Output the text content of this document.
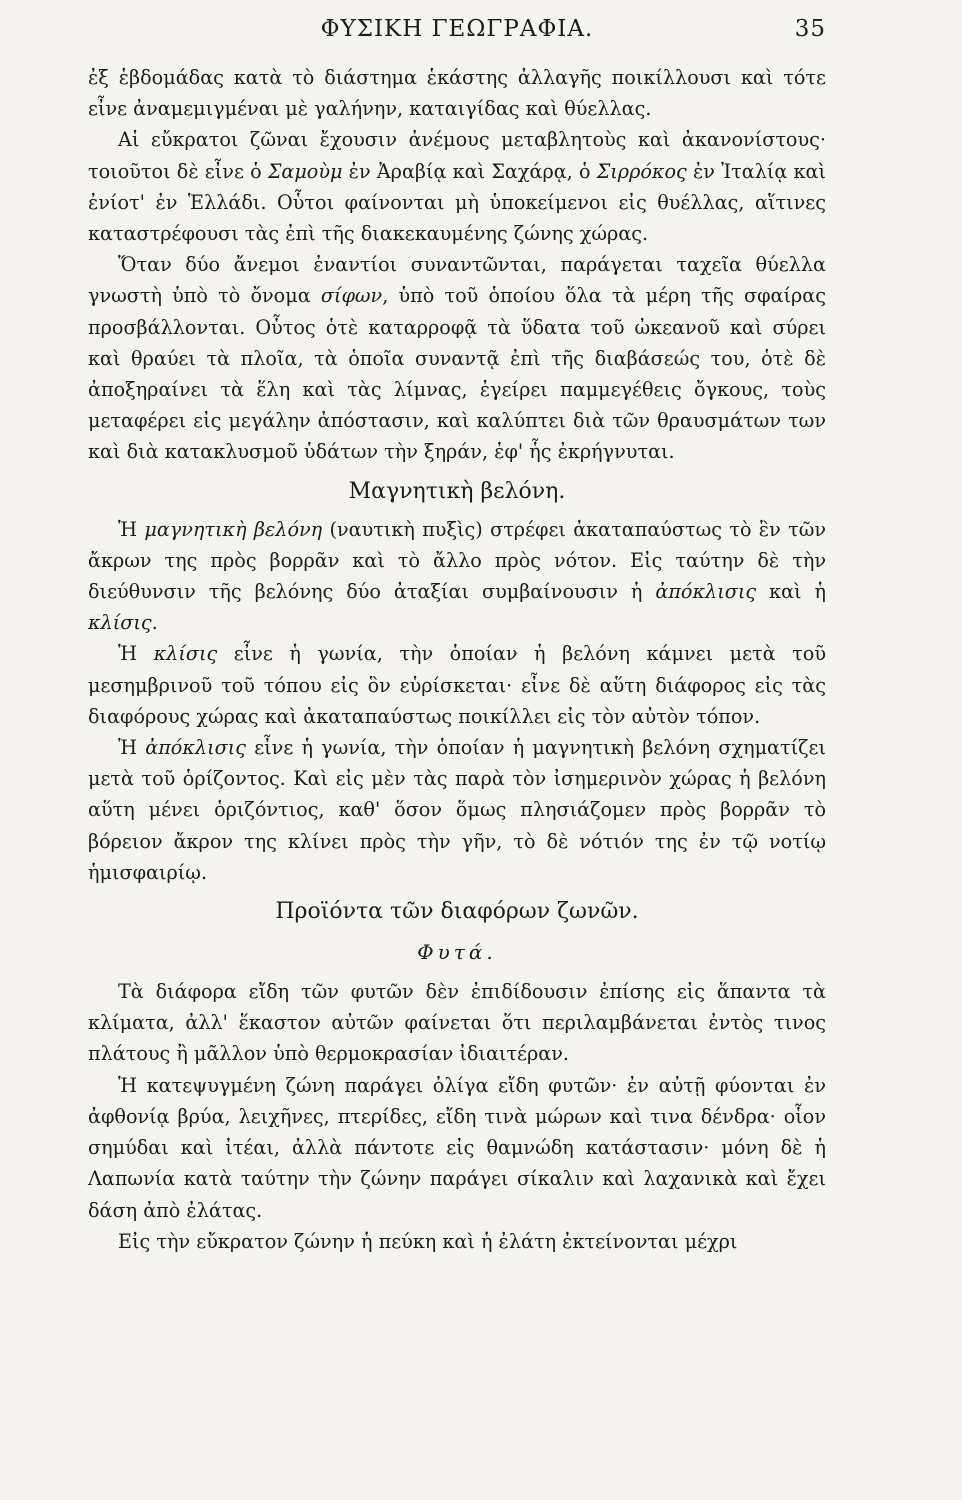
ΦΥΣΙΚΗ ΓΕΩΓΡΑΦΙΑ.	35

ἐξ ἑβδομάδας κατὰ τὸ διάστημα ἑκάστης ἀλλαγῆς ποικίλλουσι καὶ τότε εἶνε ἀναμεμιγμέναι μὲ γαλήνην, καταιγίδας καὶ θύελλας.

Αἱ εὔκρατοι ζῶναι ἔχουσιν ἀνέμους μεταβλητοὺς καὶ ἀκανονίστους· τοιοῦτοι δὲ εἶνε ὁ Σαμοὺμ ἐν Ἀραβίᾳ καὶ Σαχάρᾳ, ὁ Σιρρόκος ἐν Ἰταλίᾳ καὶ ἐνίοτ' ἐν Ἑλλάδι. Οὗτοι φαίνονται μὴ ὑποκείμενοι εἰς θυέλλας, αἵτινες καταστρέφουσι τὰς ἐπὶ τῆς διακεκαυμένης ζώνης χώρας.

Ὅταν δύο ἄνεμοι ἐναντίοι συναντῶνται, παράγεται ταχεῖα θύελλα γνωστὴ ὑπὸ τὸ ὄνομα σίφων, ὑπὸ τοῦ ὁποίου ὅλα τὰ μέρη τῆς σφαίρας προσβάλλονται. Οὗτος ὁτὲ καταρροφᾷ τὰ ὕδατα τοῦ ὠκεανοῦ καὶ σύρει καὶ θραύει τὰ πλοῖα, τὰ ὁποῖα συναντᾷ ἐπὶ τῆς διαβάσεώς του, ὁτὲ δὲ ἀποξηραίνει τὰ ἕλη καὶ τὰς λίμνας, ἐγείρει παμμεγέθεις ὄγκους, τοὺς μεταφέρει εἰς μεγάλην ἀπόστασιν, καὶ καλύπτει διὰ τῶν θραυσμάτων των καὶ διὰ κατακλυσμοῦ ὑδάτων τὴν ξηράν, ἐφ' ἧς ἐκρήγνυται.

Μαγνητικὴ βελόνη.

Ἡ μαγνητικὴ βελόνη (ναυτικὴ πυξὶς) στρέφει ἀκαταπαύστως τὸ ἓν τῶν ἄκρων της πρὸς βορρᾶν καὶ τὸ ἄλλο πρὸς νότον. Εἰς ταύτην δὲ τὴν διεύθυνσιν τῆς βελόνης δύο ἀταξίαι συμβαίνουσιν ἡ ἀπόκλισις καὶ ἡ κλίσις.

Ἡ κλίσις εἶνε ἡ γωνία, τὴν ὁποίαν ἡ βελόνη κάμνει μετὰ τοῦ μεσημβρινοῦ τοῦ τόπου εἰς ὃν εὑρίσκεται· εἶνε δὲ αὕτη διάφορος εἰς τὰς διαφόρους χώρας καὶ ἀκαταπαύστως ποικίλλει εἰς τὸν αὐτὸν τόπον.

Ἡ ἀπόκλισις εἶνε ἡ γωνία, τὴν ὁποίαν ἡ μαγνητικὴ βελόνη σχηματίζει μετὰ τοῦ ὁρίζοντος. Καὶ εἰς μὲν τὰς παρὰ τὸν ἰσημερινὸν χώρας ἡ βελόνη αὕτη μένει ὁριζόντιος, καθ' ὅσον ὅμως πλησιάζομεν πρὸς βορρᾶν τὸ βόρειον ἄκρον της κλίνει πρὸς τὴν γῆν, τὸ δὲ νότιόν της ἐν τῷ νοτίῳ ἡμισφαιρίῳ.

Προϊόντα τῶν διαφόρων ζωνῶν.
Φυτά.

Τὰ διάφορα εἴδη τῶν φυτῶν δὲν ἐπιδίδουσιν ἐπίσης εἰς ἅπαντα τὰ κλίματα, ἀλλ' ἕκαστον αὐτῶν φαίνεται ὅτι περιλαμβάνεται ἐντὸς τινος πλάτους ἢ μᾶλλον ὑπὸ θερμοκρασίαν ἰδιαιτέραν.

Ἡ κατεψυγμένη ζώνη παράγει ὀλίγα εἴδη φυτῶν· ἐν αὐτῇ φύονται ἐν ἀφθονίᾳ βρύα, λειχῆνες, πτερίδες, εἴδη τινὰ μώρων καὶ τινα δένδρα· οἷον σημύδαι καὶ ἰτέαι, ἀλλὰ πάντοτε εἰς θαμνώδη κατάστασιν· μόνη δὲ ἡ Λαπωνία κατὰ ταύτην τὴν ζώνην παράγει σίκαλιν καὶ λαχανικὰ καὶ ἔχει δάση ἀπὸ ἐλάτας.

Εἰς τὴν εὔκρατον ζώνην ἡ πεύκη καὶ ἡ ἐλάτη ἐκτείνονται μέχρι
